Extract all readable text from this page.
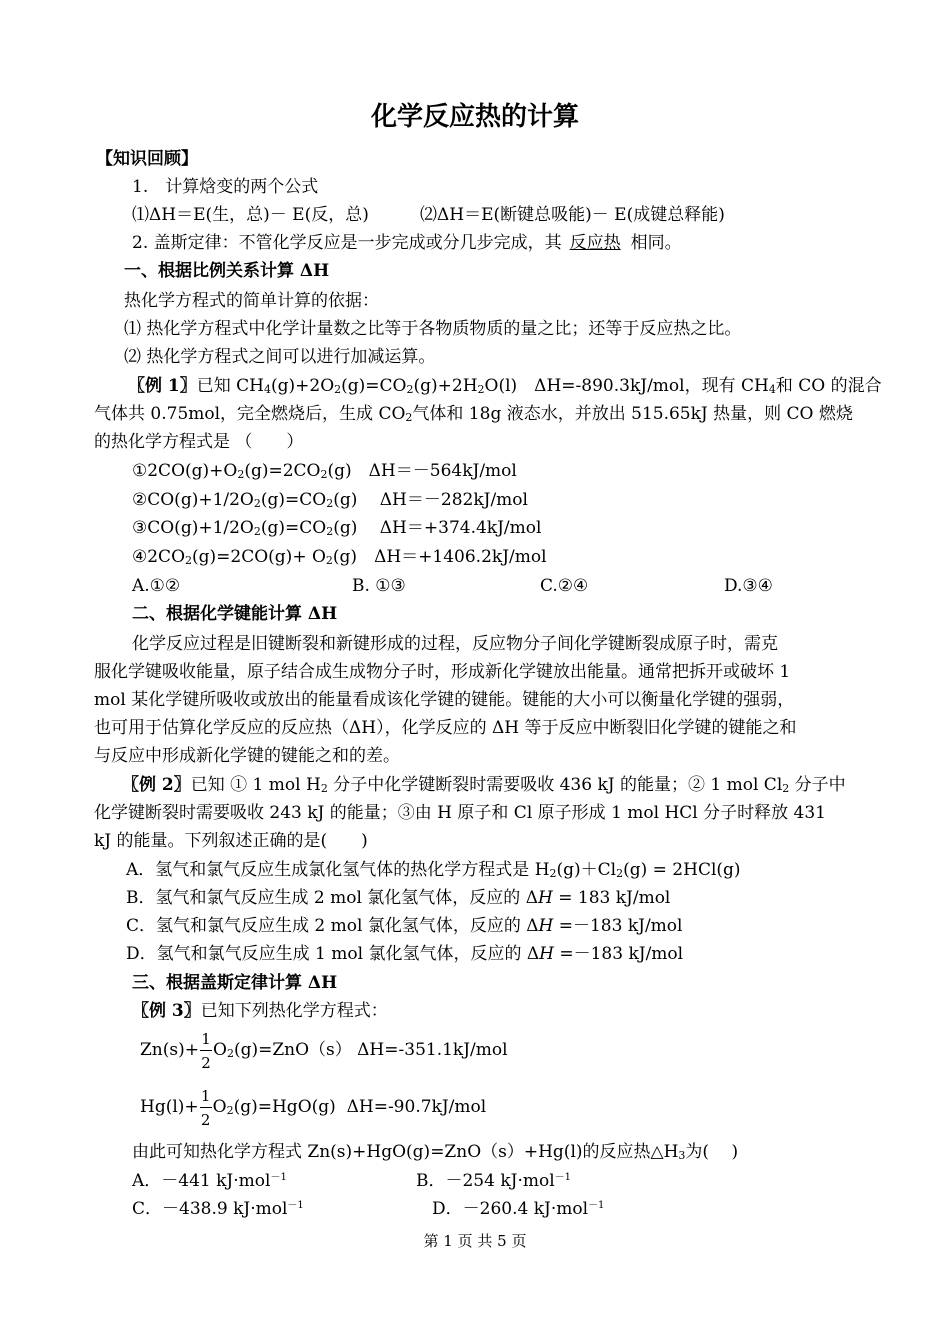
化学反应热的计算
【知识回顾】
1.　计算焓变的两个公式
⑴ΔH＝E(生，总)－ E(反，总)	⑵ΔH＝E(断键总吸能)－ E(成键总释能)
2. 盖斯定律：不管化学反应是一步完成或分几步完成，其 反应热 相同。
一、根据比例关系计算 ΔH
热化学方程式的简单计算的依据：
⑴ 热化学方程式中化学计量数之比等于各物质物质的量之比；还等于反应热之比。
⑵ 热化学方程式之间可以进行加减运算。
〖例 1〗已知 $CH_4(g)+2O_2(g)=CO_2(g)+2H_2O(l)$　ΔH=-890.3kJ/mol，现有 $CH_4$和 CO 的混合
气体共 0.75mol，完全燃烧后，生成 $CO_2$气体和 18g 液态水，并放出 515.65kJ 热量，则 CO 燃烧
的热化学方程式是 （　　）
$①2CO(g)+O_2(g)=2CO_2(g)$　ΔH＝－564kJ/mol
$②CO(g)+1/2O_2(g)=CO_2(g)$　 ΔH＝－282kJ/mol
$③CO(g)+1/2O_2(g)=CO_2(g)$　 ΔH＝+374.4kJ/mol
$④2CO_2(g)=2CO(g)+ O_2(g)$　ΔH＝+1406.2kJ/mol
A.①②	B. ①③	C.②④	D.③④
二、根据化学键能计算 ΔH
化学反应过程是旧键断裂和新键形成的过程，反应物分子间化学键断裂成原子时，需克
服化学键吸收能量，原子结合成生成物分子时，形成新化学键放出能量。通常把拆开或破坏 1
mol 某化学键所吸收或放出的能量看成该化学键的键能。键能的大小可以衡量化学键的强弱，
也可用于估算化学反应的反应热（ΔH），化学反应的 ΔH 等于反应中断裂旧化学键的键能之和
与反应中形成新化学键的键能之和的差。
〖例 2〗已知 ① 1 mol $H_2$ 分子中化学键断裂时需要吸收 436 kJ 的能量；② 1 mol $Cl_2$ 分子中
化学键断裂时需要吸收 243 kJ 的能量；③由 H 原子和 Cl 原子形成 1 mol HCl 分子时释放 431
kJ 的能量。下列叙述正确的是(　　)
A．氢气和氯气反应生成氯化氢气体的热化学方程式是 $H_2(g)+Cl_2(g) = 2HCl(g)$
B．氢气和氯气反应生成 2 mol 氯化氢气体，反应的 ΔH = 183 kJ/mol
C．氢气和氯气反应生成 2 mol 氯化氢气体，反应的 ΔH =－183 kJ/mol
D．氢气和氯气反应生成 1 mol 氯化氢气体，反应的 ΔH =－183 kJ/mol
三、根据盖斯定律计算 ΔH
〖例 3〗已知下列热化学方程式：
$Zn(s)+ \frac{1}{2} O_2(g)=ZnO(s)$ ΔH=-351.1kJ/mol
$Hg(l)+ \frac{1}{2} O_2(g)=HgO(g)$  ΔH=-90.7kJ/mol
由此可知热化学方程式 Zn(s)+HgO(g)=ZnO（s）+Hg(l)的反应热$\triangle H_3$为(　 )
A．－441 kJ·mol$^{-1}$	B．－254 kJ·mol$^{-1}$
C．－438.9 kJ·mol$^{-1}$	D．－260.4 kJ·mol$^{-1}$
第 1 页 共 5 页
